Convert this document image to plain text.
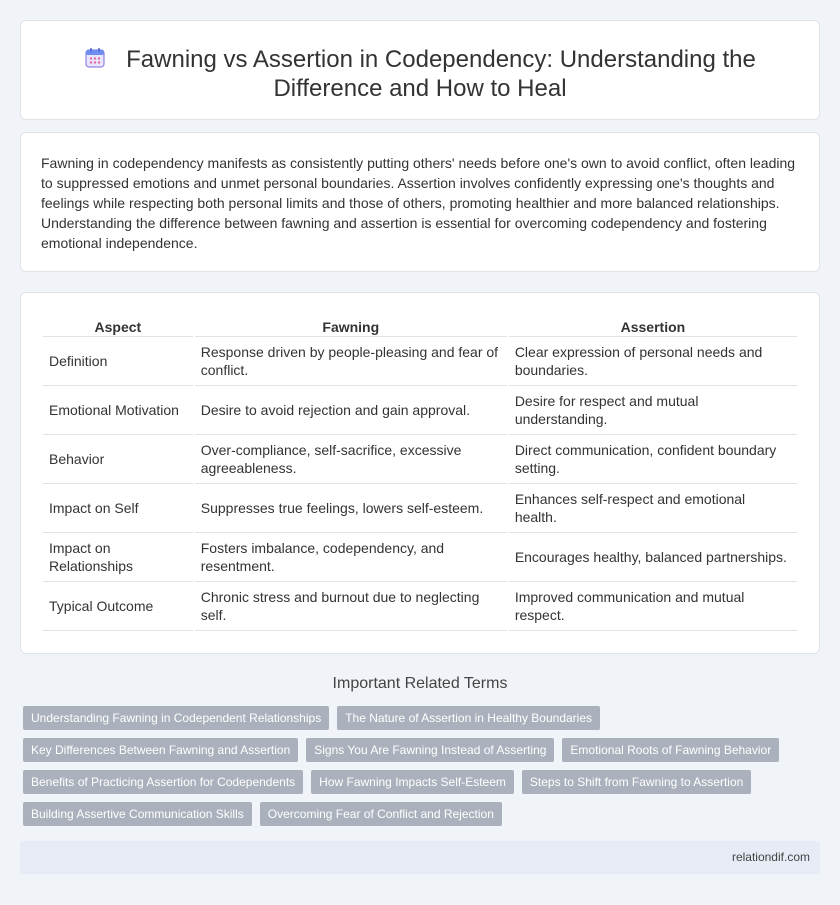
Fawning vs Assertion in Codependency: Understanding the
Difference and How to Heal

Fawning in codependency manifests as consistently putting others' needs before one's own to avoid conflict, often leading to suppressed emotions and unmet personal boundaries. Assertion involves confidently expressing one's thoughts and feelings while respecting both personal limits and those of others, promoting healthier and more balanced relationships. Understanding the difference between fawning and assertion is essential for overcoming codependency and fostering emotional independence.

Aspect	Fawning	Assertion
Definition	Response driven by people-pleasing and fear of conflict.	Clear expression of personal needs and boundaries.
Emotional Motivation	Desire to avoid rejection and gain approval.	Desire for respect and mutual understanding.
Behavior	Over-compliance, self-sacrifice, excessive agreeableness.	Direct communication, confident boundary setting.
Impact on Self	Suppresses true feelings, lowers self-esteem.	Enhances self-respect and emotional health.
Impact on Relationships	Fosters imbalance, codependency, and resentment.	Encourages healthy, balanced partnerships.
Typical Outcome	Chronic stress and burnout due to neglecting self.	Improved communication and mutual respect.
Important Related Terms
Understanding Fawning in Codependent Relationships	The Nature of Assertion in Healthy Boundaries
Key Differences Between Fawning and Assertion	Signs You Are Fawning Instead of Asserting	Emotional Roots of Fawning Behavior
Benefits of Practicing Assertion for Codependents	How Fawning Impacts Self-Esteem	Steps to Shift from Fawning to Assertion
Building Assertive Communication Skills	Overcoming Fear of Conflict and Rejection
relationdif.com
